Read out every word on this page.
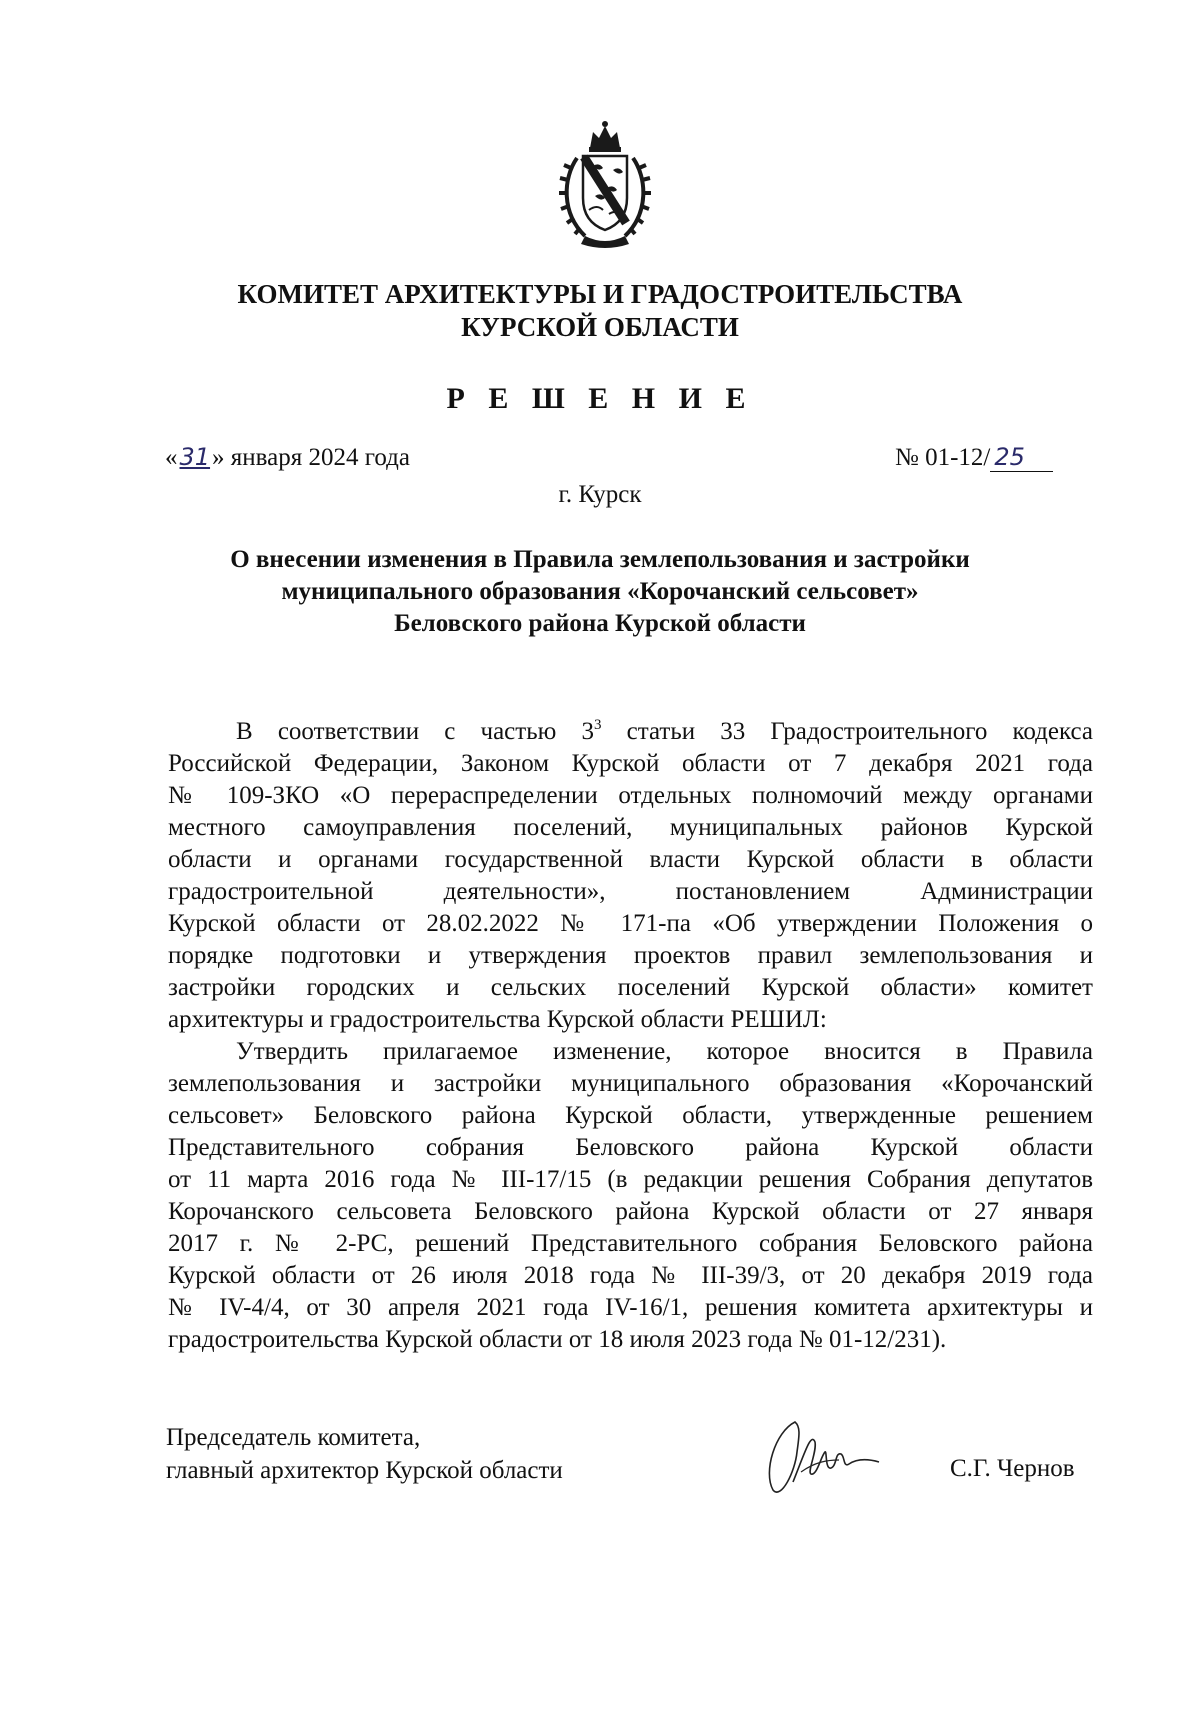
КОМИТЕТ АРХИТЕКТУРЫ И ГРАДОСТРОИТЕЛЬСТВА
КУРСКОЙ ОБЛАСТИ
Р Е Ш Е Н И Е
«31» января 2024 года	№ 01-12/ 25
г. Курск
О внесении изменения в Правила землепользования и застройки
муниципального образования «Корочанский сельсовет»
Беловского района Курской области
В соответствии с частью $3^3$ статьи 33 Градостроительного кодекса
Российской Федерации, Законом Курской области от 7 декабря 2021 года
№ 109-ЗКО «О перераспределении отдельных полномочий между органами
местного самоуправления поселений, муниципальных районов Курской
области и органами государственной власти Курской области в области
градостроительной деятельности», постановлением Администрации
Курской области от 28.02.2022 № 171-па «Об утверждении Положения о
порядке подготовки и утверждения проектов правил землепользования и
застройки городских и сельских поселений Курской области» комитет
архитектуры и градостроительства Курской области РЕШИЛ:
Утвердить прилагаемое изменение, которое вносится в Правила
землепользования и застройки муниципального образования «Корочанский
сельсовет» Беловского района Курской области, утвержденные решением
Представительного собрания Беловского района Курской области
от 11 марта 2016 года № III-17/15 (в редакции решения Собрания депутатов
Корочанского сельсовета Беловского района Курской области от 27 января
2017 г. № 2-РС, решений Представительного собрания Беловского района
Курской области от 26 июля 2018 года № III-39/3, от 20 декабря 2019 года
№ IV-4/4, от 30 апреля 2021 года IV-16/1, решения комитета архитектуры и
градостроительства Курской области от 18 июля 2023 года № 01-12/231).
Председатель комитета,
главный архитектор Курской области	С.Г. Чернов
